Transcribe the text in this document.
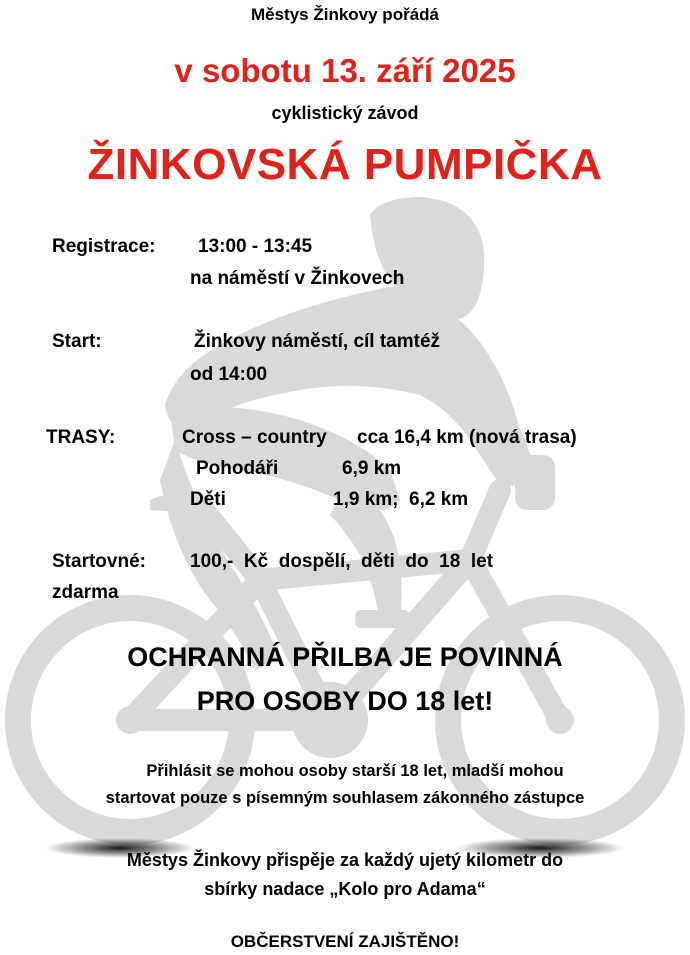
Městys Žinkovy pořádá
v sobotu 13. září 2025
cyklistický závod
ŽINKOVSKÁ PUMPIČKA
Registrace: 13:00 - 13:45
na náměstí v Žinkovech
Start:	Žinkovy náměstí, cíl tamtéž
od 14:00
TRASY:	Cross – country cca 16,4 km (nová trasa)
Pohodáři	6,9 km
Děti	1,9 km;  6,2 km
Startovné: 100,-  Kč  dospělí,  děti  do  18  let
zdarma
OCHRANNÁ PŘILBA JE POVINNÁ
PRO OSOBY DO 18 let!
Přihlásit se mohou osoby starší 18 let, mladší mohou
startovat pouze s písemným souhlasem zákonného zástupce
Městys Žinkovy přispěje za každý ujetý kilometr do
sbírky nadace „Kolo pro Adama“
OBČERSTVENÍ ZAJIŠTĚNO!
